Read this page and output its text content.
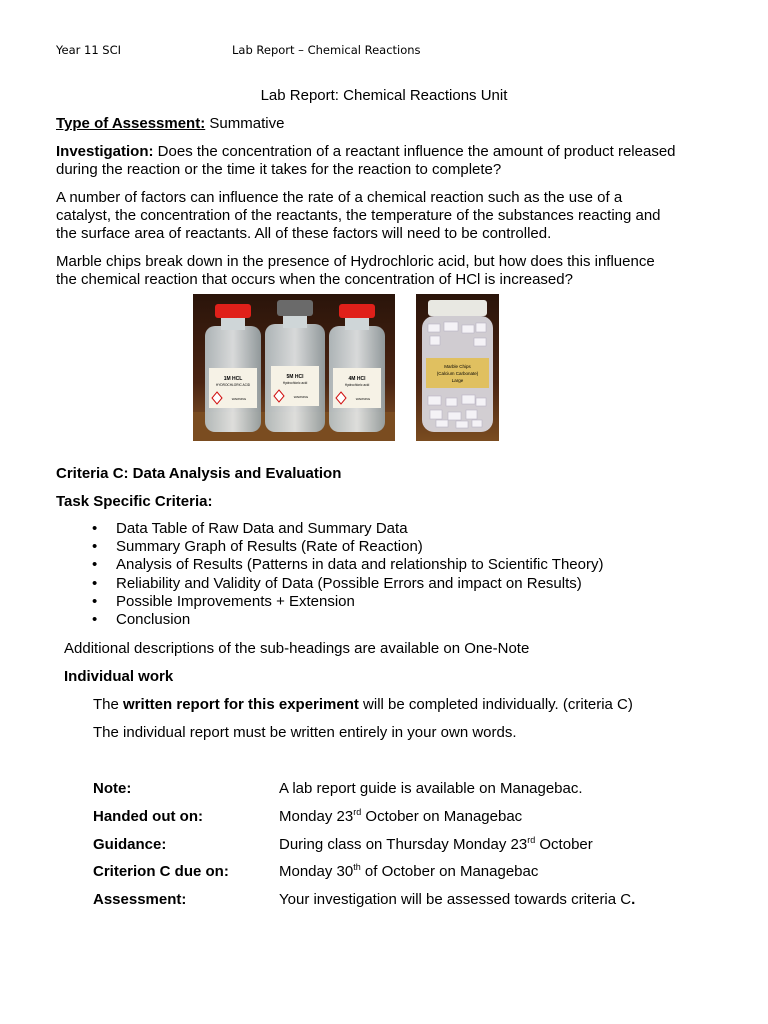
Year 11 SCI	Lab Report – Chemical Reactions
Lab Report: Chemical Reactions Unit
Type of Assessment: Summative
Investigation: Does the concentration of a reactant influence the amount of product released
during the reaction or the time it takes for the reaction to complete?
A number of factors can influence the rate of a chemical reaction such as the use of a
catalyst, the concentration of the reactants, the temperature of the substances reacting and
the surface area of reactants. All of these factors will need to be controlled.
Marble chips break down in the presence of Hydrochloric acid, but how does this influence
the chemical reaction that occurs when the concentration of HCl is increased?
1M HCL
HYDROCHLORIC ACID
WARNING
5M HCl
Hydrochloric acid
WARNING
4M HCl
Hydrochloric acid
WARNING
Marble Chips
(Calcium Carbonate)
Large
Criteria C: Data Analysis and Evaluation
Task Specific Criteria:
• Data Table of Raw Data and Summary Data
• Summary Graph of Results (Rate of Reaction)
• Analysis of Results (Patterns in data and relationship to Scientific Theory)
• Reliability and Validity of Data (Possible Errors and impact on Results)
• Possible Improvements + Extension
• Conclusion
Additional descriptions of the sub-headings are available on One-Note
Individual work
The written report for this experiment will be completed individually. (criteria C)
The individual report must be written entirely in your own words.
Note:	A lab report guide is available on Managebac.
Handed out on:	Monday 23rd October on Managebac
Guidance:	During class on Thursday Monday 23rd October
Criterion C due on:	Monday 30th of October on Managebac
Assessment:	Your investigation will be assessed towards criteria C.
